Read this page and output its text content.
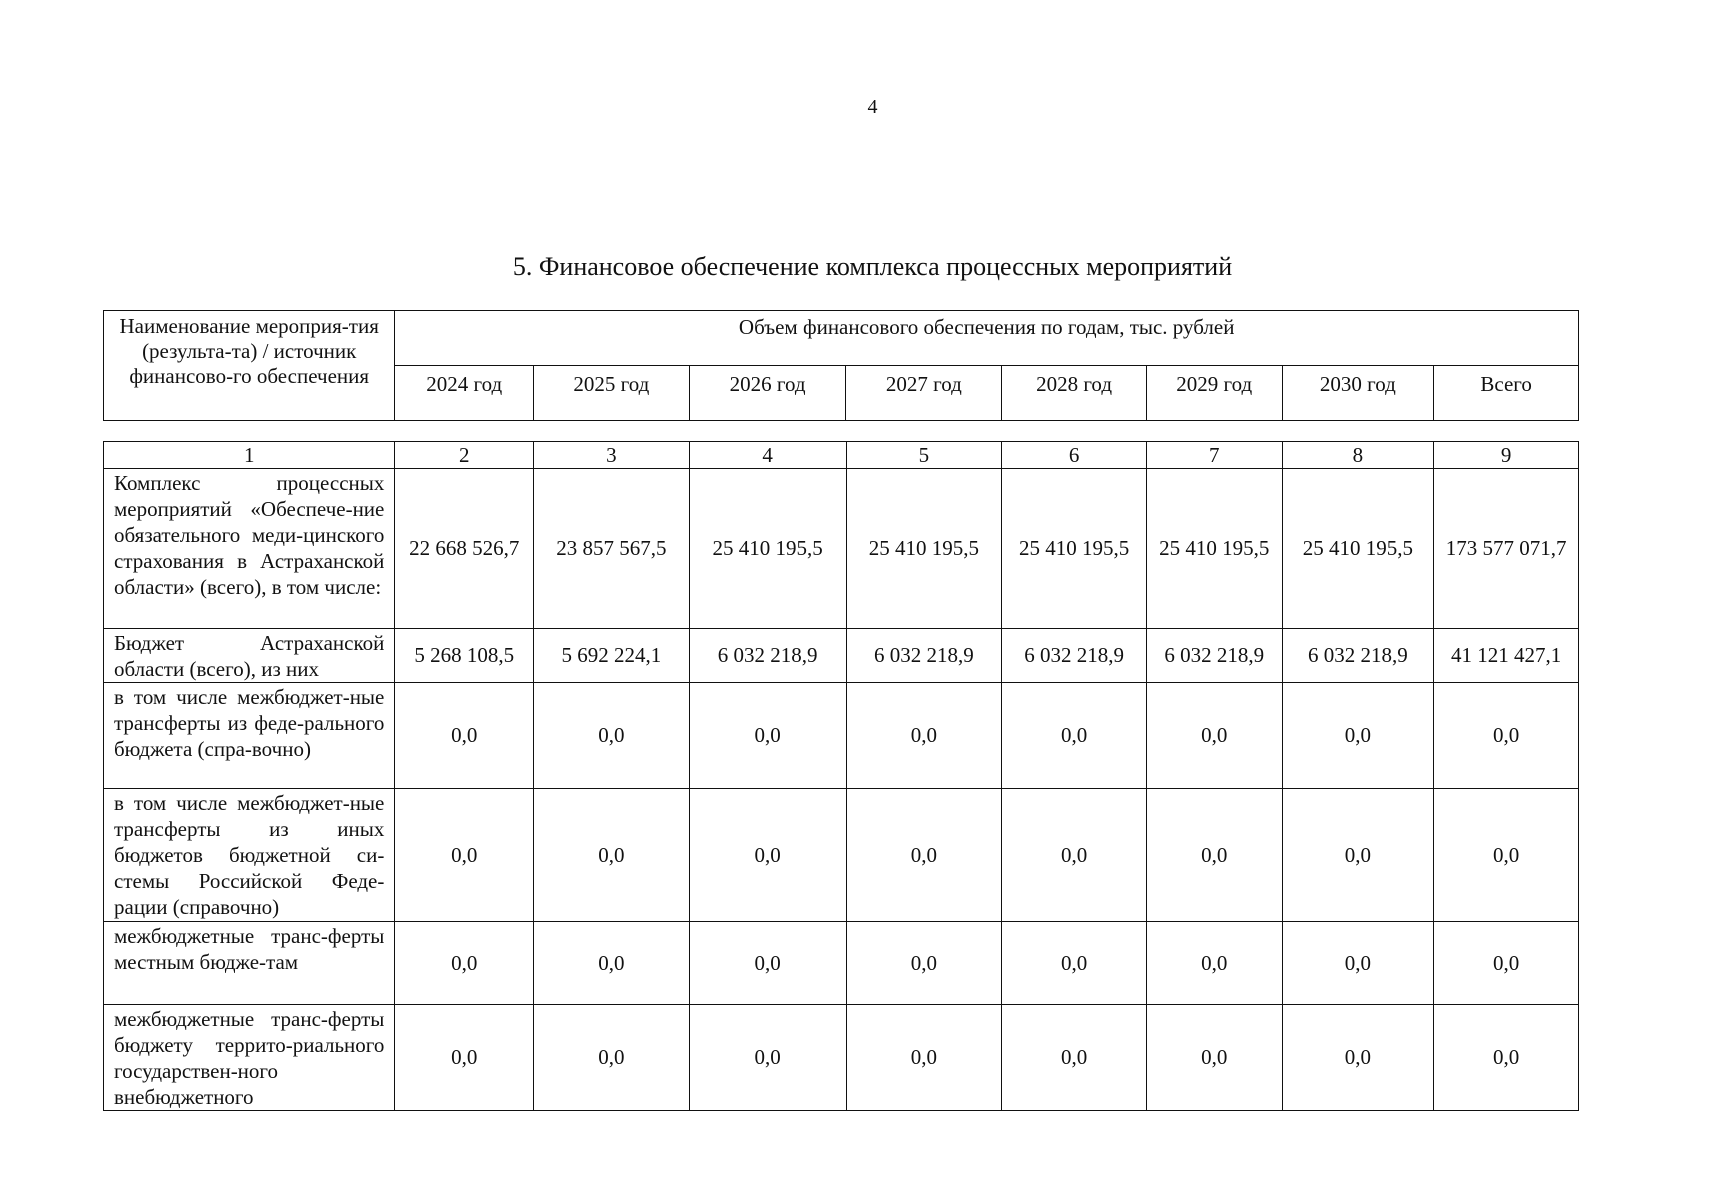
4
5. Финансовое обеспечение комплекса процессных мероприятий
Наименование мероприя-тия (результа-та) / источник финансово-го обеспечения	Объем финансового обеспечения по годам, тыс. рублей							
	2024 год	2025 год	2026 год	2027 год	2028 год	2029 год	2030 год	Всего
1	2	3	4	5	6	7	8	9
Комплекс процессных мероприятий «Обеспече-ние обязательного меди-цинского страхования в Астраханской области» (всего), в том числе:	22 668 526,7	23 857 567,5	25 410 195,5	25 410 195,5	25 410 195,5	25 410 195,5	25 410 195,5	173 577 071,7
Бюджет Астраханской области (всего), из них	5 268 108,5	5 692 224,1	6 032 218,9	6 032 218,9	6 032 218,9	6 032 218,9	6 032 218,9	41 121 427,1
в том числе межбюджет-ные трансферты из феде-рального бюджета (спра-вочно)	0,0	0,0	0,0	0,0	0,0	0,0	0,0	0,0
в том числе межбюджет-ные трансферты из иных бюджетов бюджетной си-стемы Российской Феде-рации (справочно)	0,0	0,0	0,0	0,0	0,0	0,0	0,0	0,0
межбюджетные транс-ферты местным бюдже-там	0,0	0,0	0,0	0,0	0,0	0,0	0,0	0,0
межбюджетные транс-ферты бюджету террито-риального государствен-ного внебюджетного	0,0	0,0	0,0	0,0	0,0	0,0	0,0	0,0
